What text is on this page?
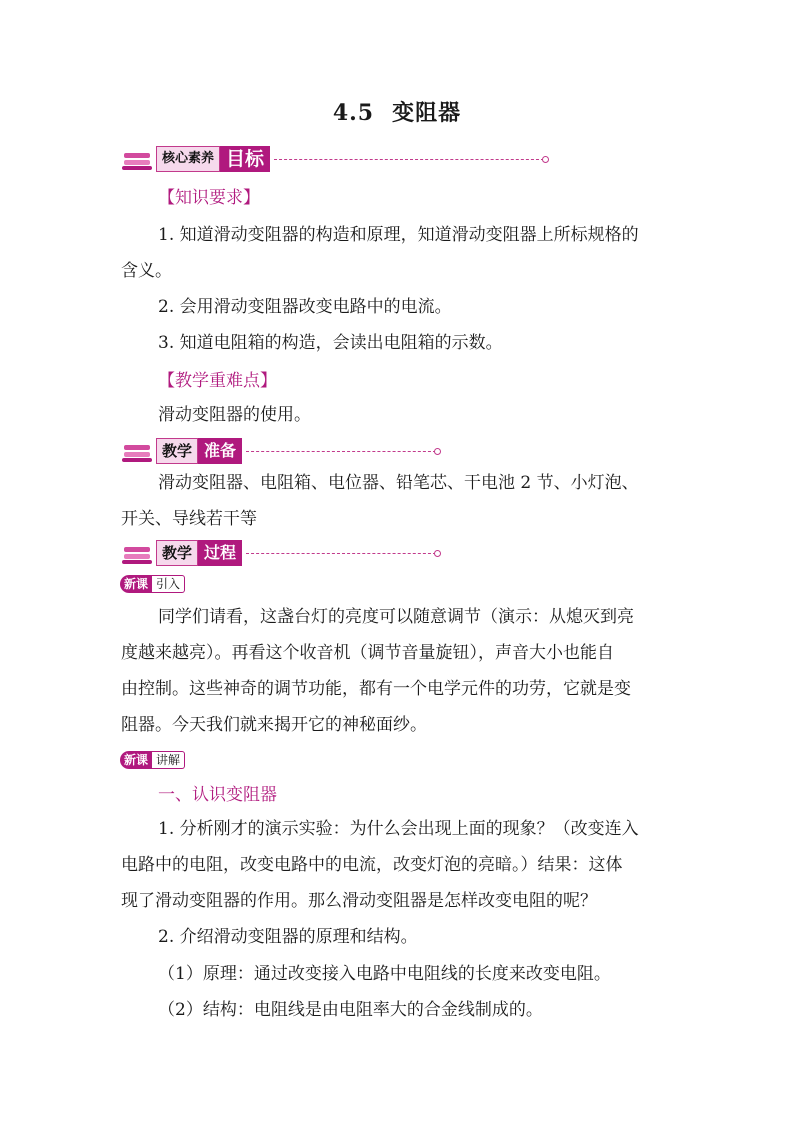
4.5 变阻器
核心素养 目标
【知识要求】
1. 知道滑动变阻器的构造和原理，知道滑动变阻器上所标规格的
含义。
2. 会用滑动变阻器改变电路中的电流。
3. 知道电阻箱的构造，会读出电阻箱的示数。
【教学重难点】
滑动变阻器的使用。
教学 准备
滑动变阻器、电阻箱、电位器、铅笔芯、干电池 2 节、小灯泡、
开关、导线若干等
教学 过程
新课 引入
同学们请看，这盏台灯的亮度可以随意调节（演示：从熄灭到亮
度越来越亮）。再看这个收音机（调节音量旋钮），声音大小也能自
由控制。这些神奇的调节功能，都有一个电学元件的功劳，它就是变
阻器。今天我们就来揭开它的神秘面纱。
新课 讲解
一、认识变阻器
1. 分析刚才的演示实验：为什么会出现上面的现象？（改变连入
电路中的电阻，改变电路中的电流，改变灯泡的亮暗。）结果：这体
现了滑动变阻器的作用。那么滑动变阻器是怎样改变电阻的呢？
2. 介绍滑动变阻器的原理和结构。
（1）原理：通过改变接入电路中电阻线的长度来改变电阻。
（2）结构：电阻线是由电阻率大的合金线制成的。
